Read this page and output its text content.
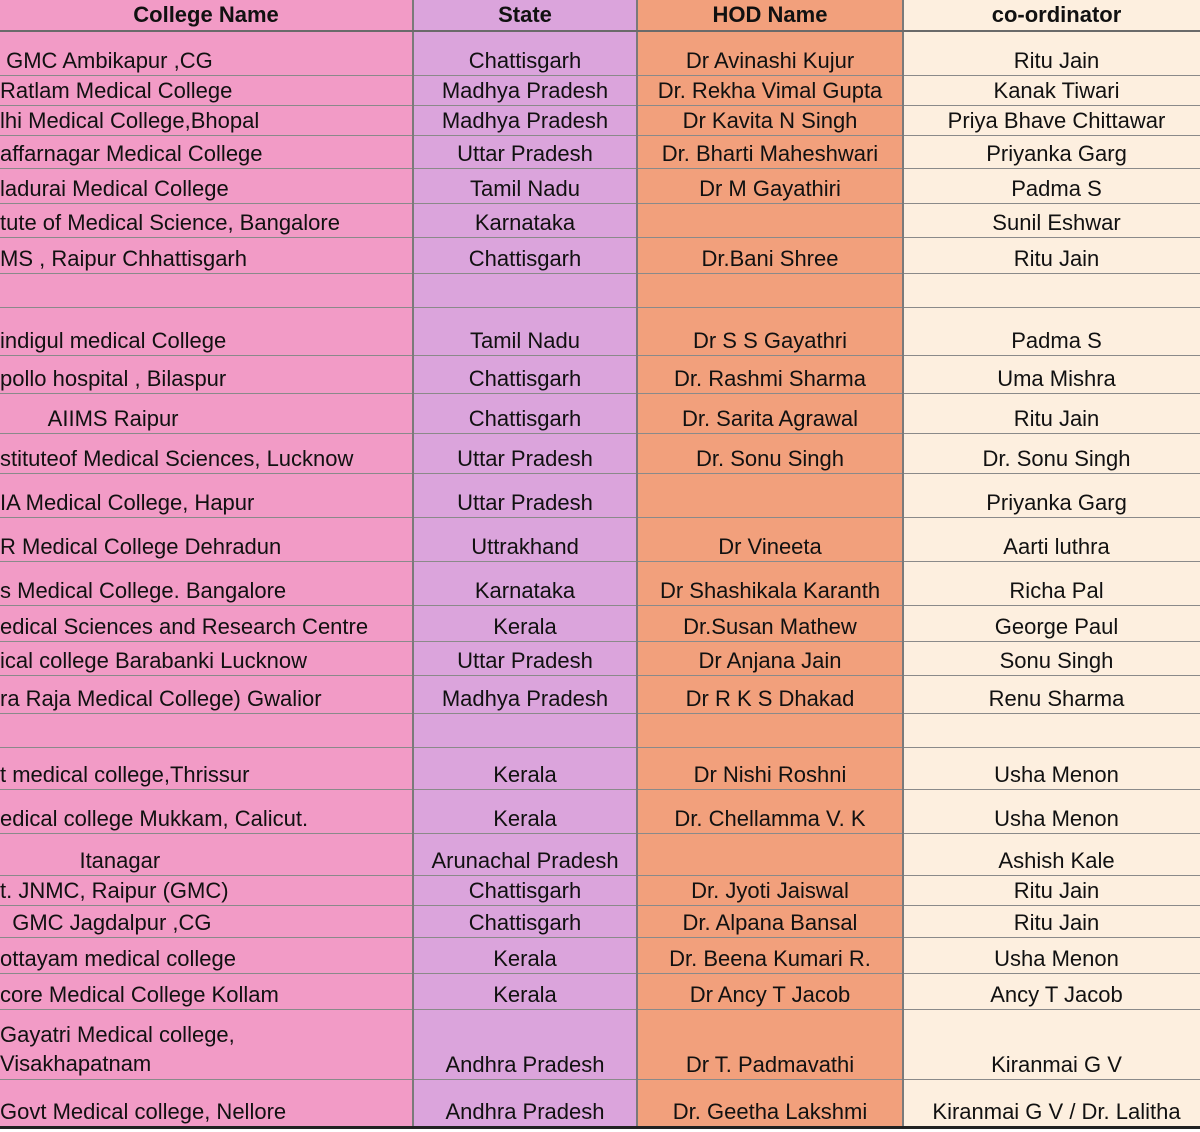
College Name	State	HOD Name	co-ordinator

GMC Ambikapur ,CG	Chattisgarh	Dr Avinashi Kujur	Ritu Jain

Ratlam Medical College	Madhya Pradesh	Dr. Rekha Vimal Gupta	Kanak Tiwari

lhi Medical College,Bhopal	Madhya Pradesh	Dr Kavita N Singh	Priya Bhave Chittawar

affarnagar Medical College	Uttar Pradesh	Dr. Bharti Maheshwari	Priyanka Garg

ladurai Medical College	Tamil Nadu	Dr M Gayathiri	Padma S

tute of Medical Science, Bangalore	Karnataka		Sunil Eshwar

MS , Raipur Chhattisgarh	Chattisgarh	Dr.Bani Shree	Ritu Jain

indigul medical College	Tamil Nadu	Dr S S Gayathri	Padma S

pollo hospital , Bilaspur	Chattisgarh	Dr. Rashmi Sharma	Uma Mishra

AIIMS Raipur	Chattisgarh	Dr. Sarita Agrawal	Ritu Jain

stituteof Medical Sciences, Lucknow	Uttar Pradesh	Dr. Sonu Singh	Dr. Sonu Singh

IA Medical College, Hapur	Uttar Pradesh		Priyanka Garg

R Medical College Dehradun	Uttrakhand	Dr Vineeta	Aarti luthra

s Medical College. Bangalore	Karnataka	Dr Shashikala Karanth	Richa Pal

edical Sciences and Research Centre	Kerala	Dr.Susan Mathew	George Paul

ical college Barabanki Lucknow	Uttar Pradesh	Dr Anjana Jain	Sonu Singh

ra Raja Medical College) Gwalior	Madhya Pradesh	Dr R K S Dhakad	Renu Sharma

t medical college,Thrissur	Kerala	Dr Nishi Roshni	Usha Menon

edical college Mukkam, Calicut.	Kerala	Dr. Chellamma V. K	Usha Menon

Itanagar	Arunachal Pradesh		Ashish Kale

t. JNMC, Raipur (GMC)	Chattisgarh	Dr. Jyoti Jaiswal	Ritu Jain

GMC Jagdalpur ,CG	Chattisgarh	Dr. Alpana Bansal	Ritu Jain

ottayam medical college	Kerala	Dr. Beena Kumari R.	Usha Menon

core Medical College Kollam	Kerala	Dr Ancy T Jacob	Ancy T Jacob

Gayatri Medical college,
Visakhapatnam	Andhra Pradesh	Dr T. Padmavathi	Kiranmai G V

Govt Medical college, Nellore	Andhra Pradesh	Dr. Geetha Lakshmi	Kiranmai G V / Dr. Lalitha
